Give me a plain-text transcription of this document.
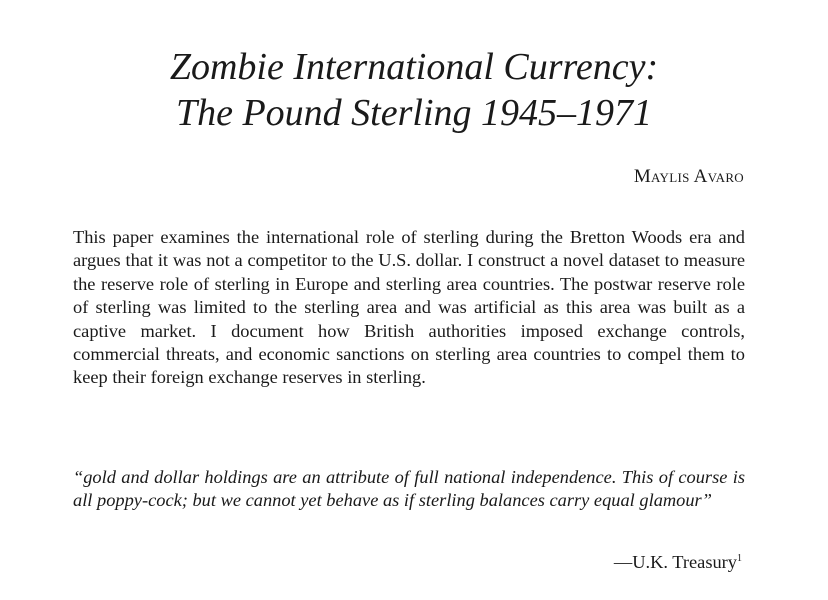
Zombie International Currency:
The Pound Sterling 1945–1971

Maylis Avaro

This paper examines the international role of sterling during the Bretton Woods era and argues that it was not a competitor to the U.S. dollar. I construct a novel dataset to measure the reserve role of sterling in Europe and sterling area countries. The postwar reserve role of sterling was limited to the sterling area and was artificial as this area was built as a captive market. I document how British authorities imposed exchange controls, commercial threats, and economic sanctions on sterling area countries to compel them to keep their foreign exchange reserves in sterling.

“gold and dollar holdings are an attribute of full national independence. This of course is all poppy-cock; but we cannot yet behave as if sterling balances carry equal glamour”

—U.K. Treasury$^1$
